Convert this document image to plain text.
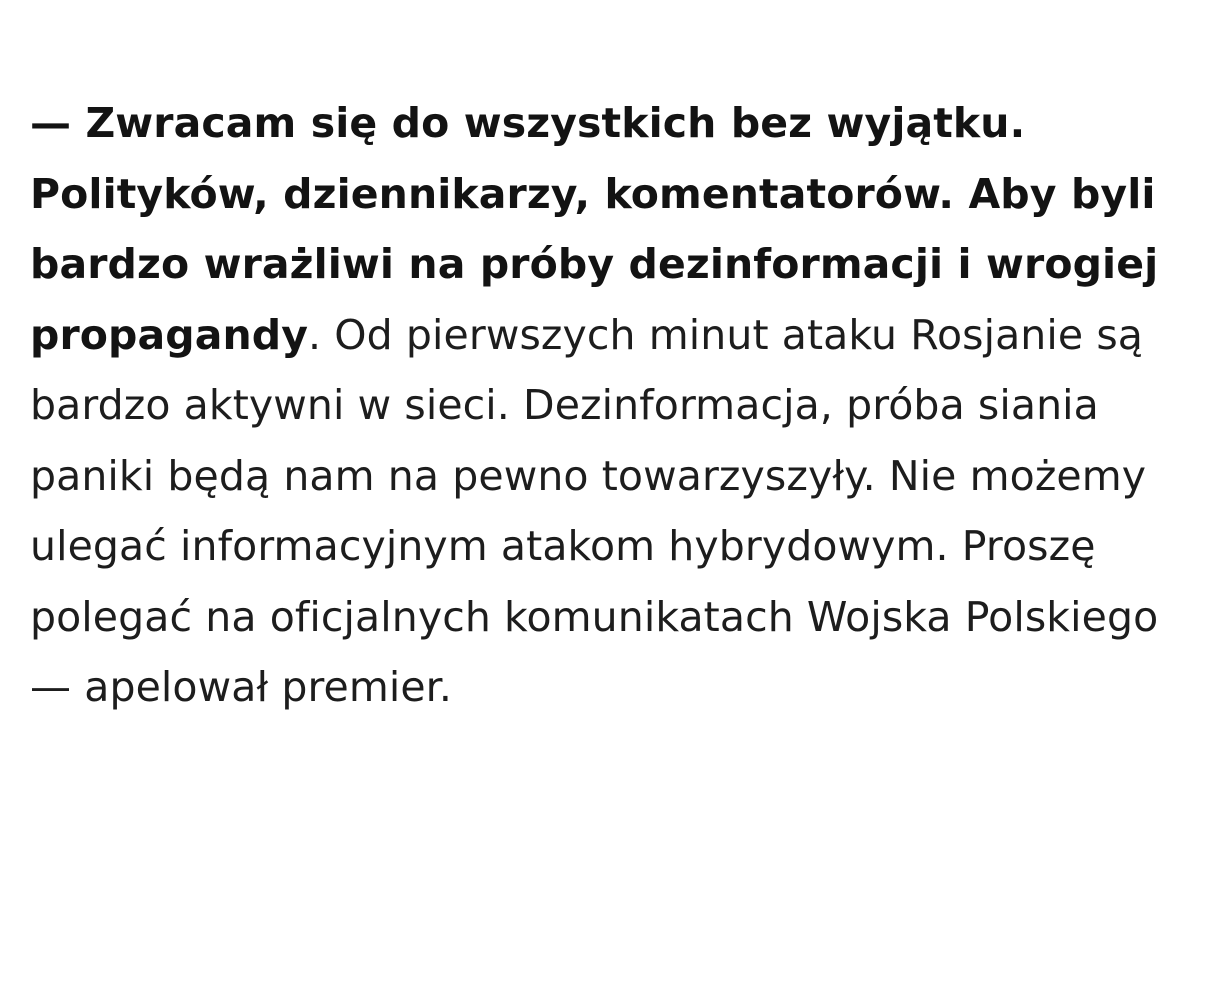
— Zwracam się do wszystkich bez wyjątku. Polityków, dziennikarzy, komentatorów. Aby byli bardzo wrażliwi na próby dezinformacji i wrogiej propagandy. Od pierwszych minut ataku Rosjanie są bardzo aktywni w sieci. Dezinformacja, próba siania paniki będą nam na pewno towarzyszyły. Nie możemy ulegać informacyjnym atakom hybrydowym. Proszę polegać na oficjalnych komunikatach Wojska Polskiego — apelował premier.
